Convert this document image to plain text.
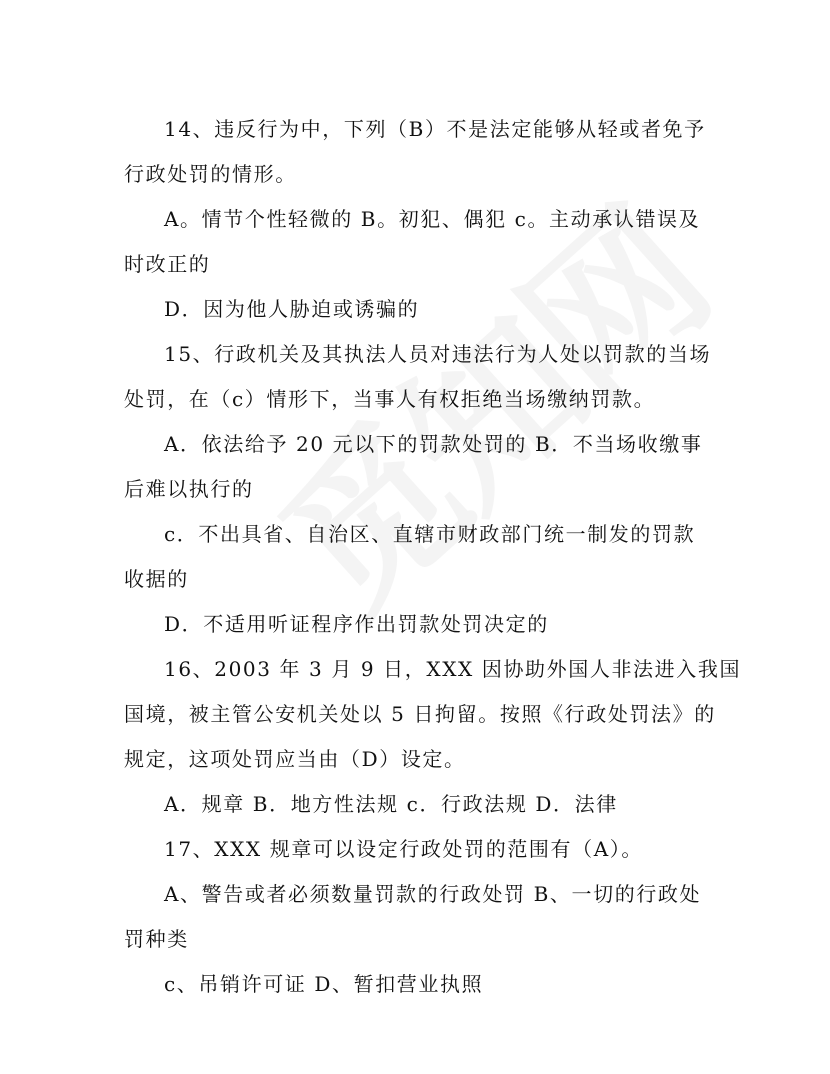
14、违反行为中，下列（B）不是法定能够从轻或者免予
行政处罚的情形。
A。情节个性轻微的 B。初犯、偶犯 c。主动承认错误及
时改正的
D．因为他人胁迫或诱骗的
15、行政机关及其执法人员对违法行为人处以罚款的当场
处罚，在（c）情形下，当事人有权拒绝当场缴纳罚款。
A．依法给予 20 元以下的罚款处罚的 B．不当场收缴事
后难以执行的
c．不出具省、自治区、直辖市财政部门统一制发的罚款
收据的
D．不适用听证程序作出罚款处罚决定的
16、2003 年 3 月 9 日，XXX 因协助外国人非法进入我国
国境，被主管公安机关处以 5 日拘留。按照《行政处罚法》的
规定，这项处罚应当由（D）设定。
A．规章 B．地方性法规 c．行政法规 D．法律
17、XXX 规章可以设定行政处罚的范围有（A）。
A、警告或者必须数量罚款的行政处罚 B、一切的行政处
罚种类
c、吊销许可证 D、暂扣营业执照
